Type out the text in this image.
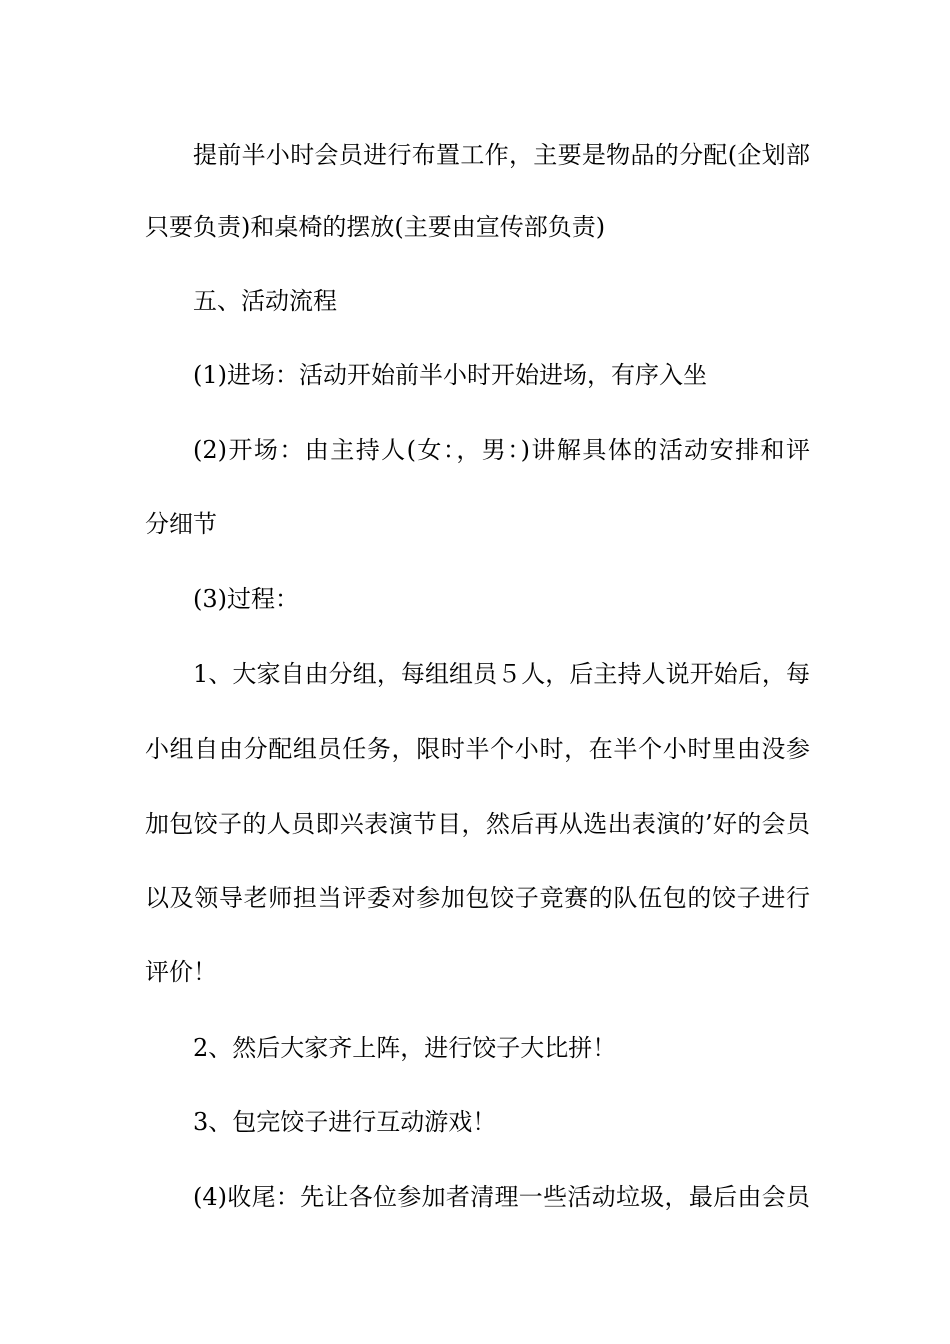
提前半小时会员进行布置工作，主要是物品的分配(企划部
只要负责)和桌椅的摆放(主要由宣传部负责)
五、活动流程
(1)进场：活动开始前半小时开始进场，有序入坐
(2)开场：由主持人(女：，男：)讲解具体的活动安排和评
分细节
(3)过程：
1、大家自由分组，每组组员５人，后主持人说开始后，每
小组自由分配组员任务，限时半个小时，在半个小时里由没参
加包饺子的人员即兴表演节目，然后再从选出表演的’好的会员
以及领导老师担当评委对参加包饺子竞赛的队伍包的饺子进行
评价！
2、然后大家齐上阵，进行饺子大比拼！
3、包完饺子进行互动游戏！
(4)收尾：先让各位参加者清理一些活动垃圾，最后由会员
